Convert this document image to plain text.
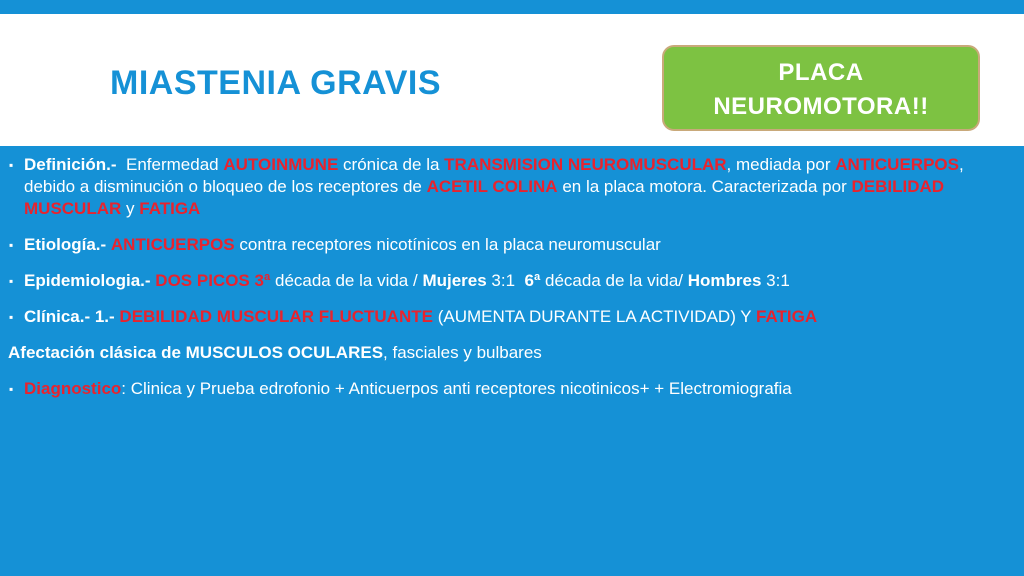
MIASTENIA GRAVIS	PLACA
NEUROMOTORA!!
▪ Definición.- Enfermedad AUTOINMUNE crónica de la TRANSMISION NEUROMUSCULAR, mediada por ANTICUERPOS, debido a disminución o bloqueo de los receptores de ACETIL COLINA en la placa motora. Caracterizada por DEBILIDAD MUSCULAR y FATIGA
▪ Etiología.- ANTICUERPOS contra receptores nicotínicos en la placa neuromuscular
▪ Epidemiologia.- DOS PICOS 3ª década de la vida / Mujeres 3:1 6ª década de la vida/ Hombres 3:1
▪ Clínica.- 1.- DEBILIDAD MUSCULAR FLUCTUANTE (AUMENTA DURANTE LA ACTIVIDAD) Y FATIGA
Afectación clásica de MUSCULOS OCULARES, fasciales y bulbares
▪ Diagnostico: Clinica y Prueba edrofonio + Anticuerpos anti receptores nicotinicos+ + Electromiografia
